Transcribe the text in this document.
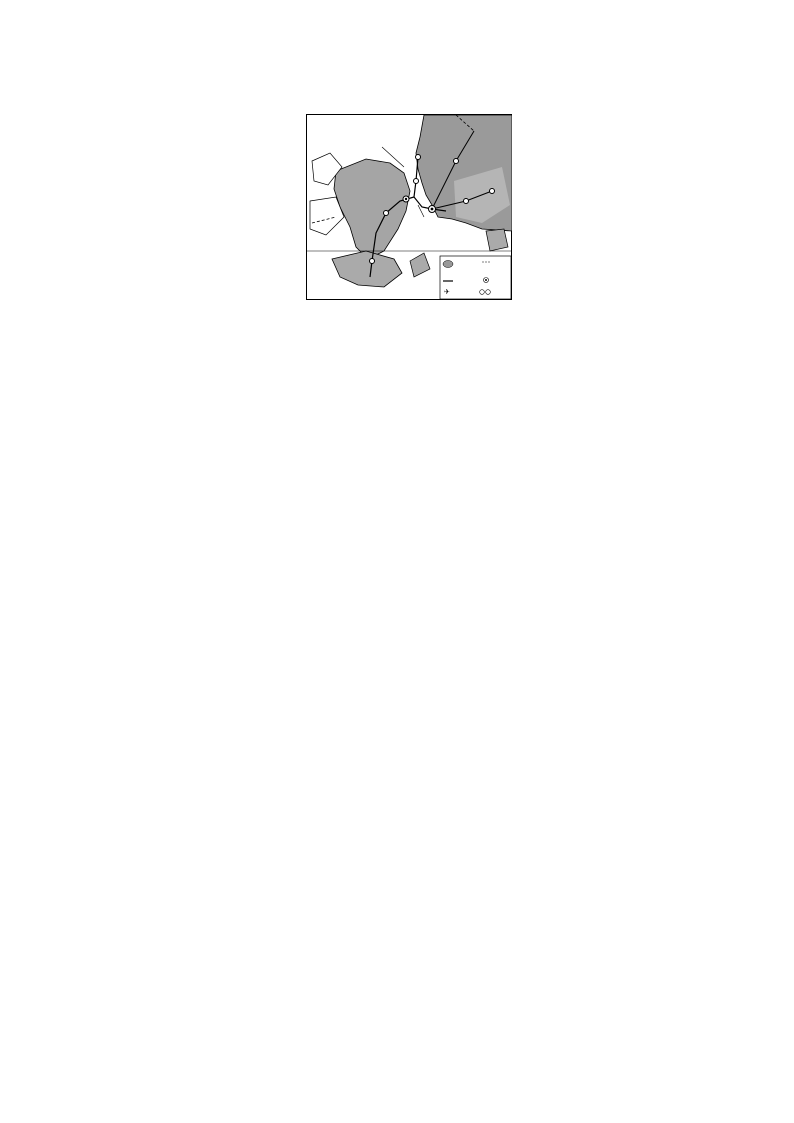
✈
